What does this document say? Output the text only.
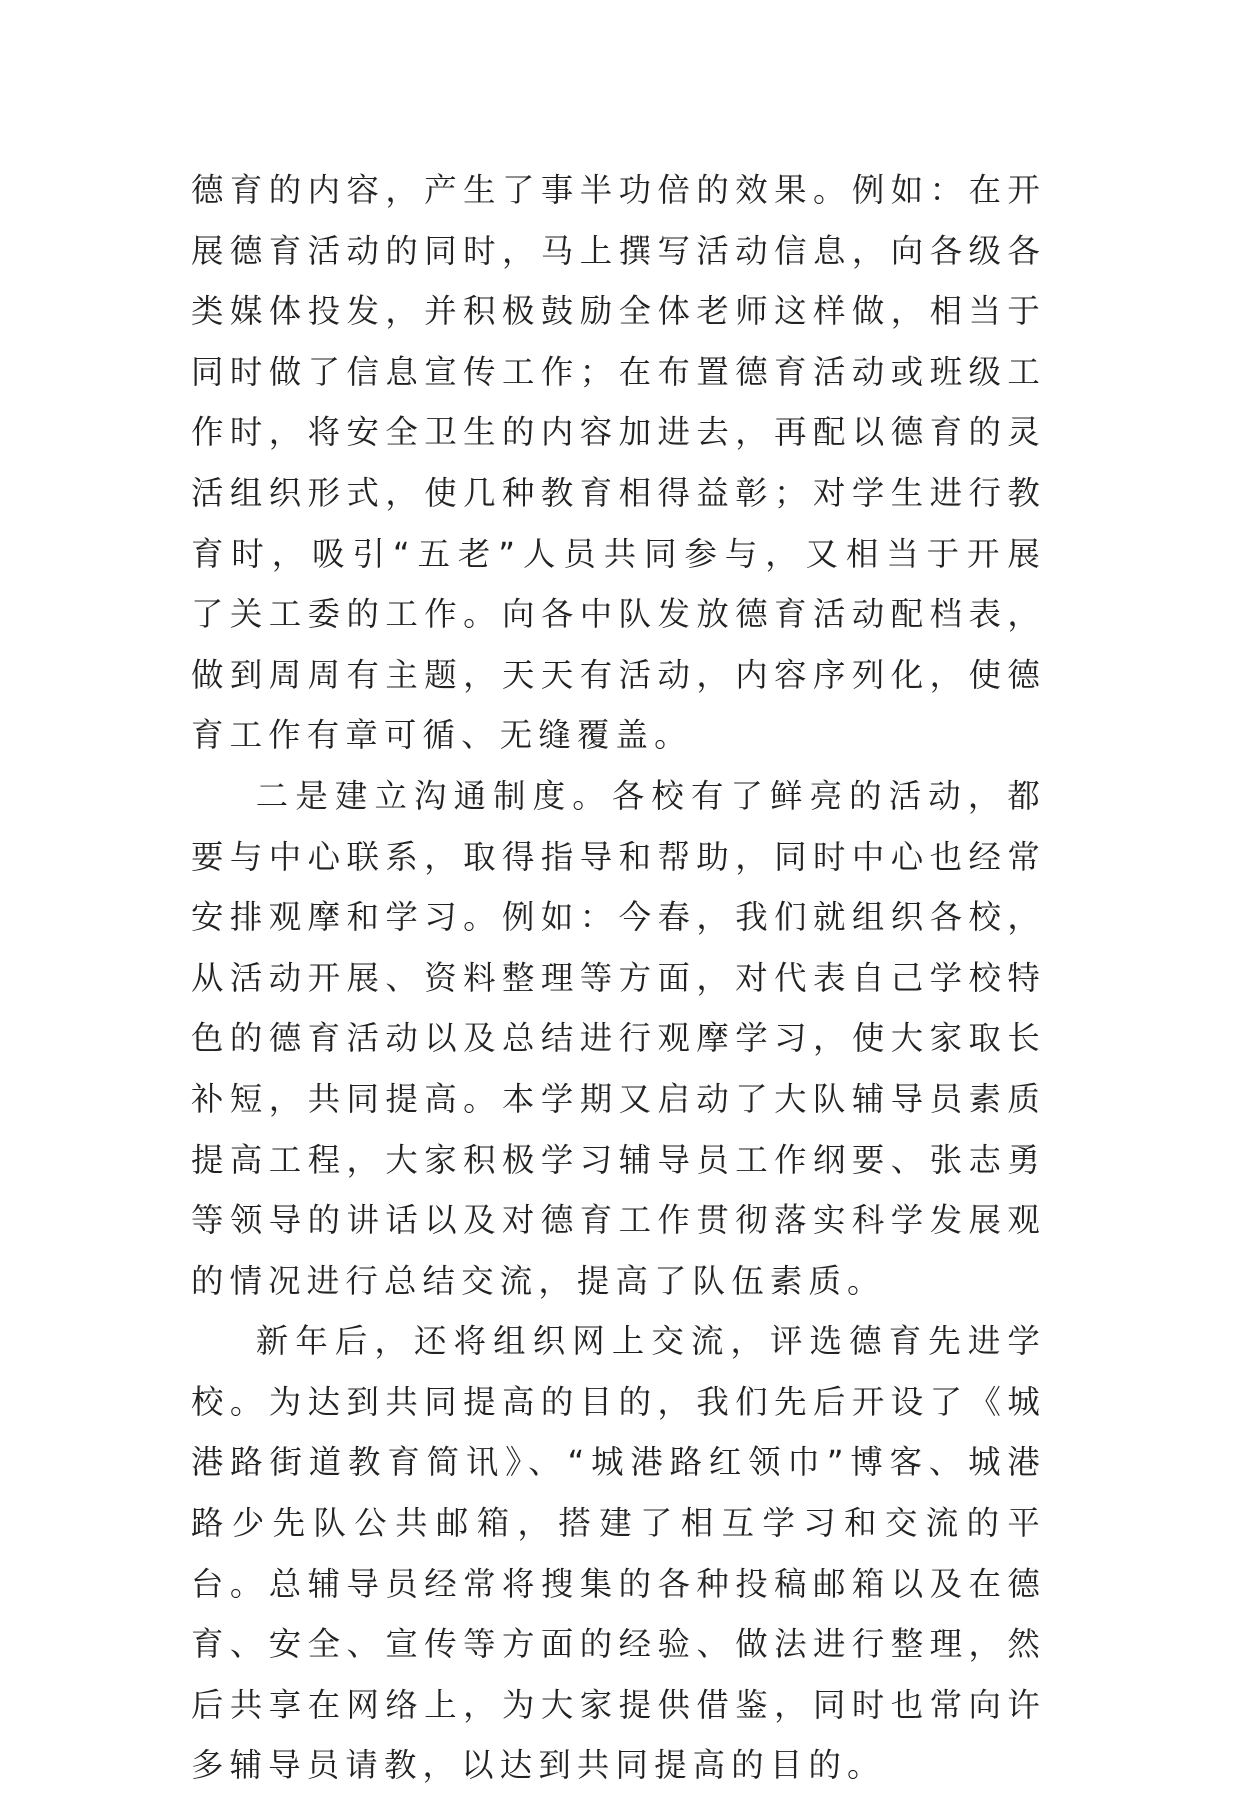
德育的内容，产生了事半功倍的效果。例如：在开展德育活动的同时，马上撰写活动信息，向各级各类媒体投发，并积极鼓励全体老师这样做，相当于同时做了信息宣传工作；在布置德育活动或班级工作时，将安全卫生的内容加进去，再配以德育的灵活组织形式，使几种教育相得益彰；对学生进行教育时，吸引“五老”人员共同参与，又相当于开展了关工委的工作。向各中队发放德育活动配档表，做到周周有主题，天天有活动，内容序列化，使德育工作有章可循、无缝覆盖。

二是建立沟通制度。各校有了鲜亮的活动，都要与中心联系，取得指导和帮助，同时中心也经常安排观摩和学习。例如：今春，我们就组织各校，从活动开展、资料整理等方面，对代表自己学校特色的德育活动以及总结进行观摩学习，使大家取长补短，共同提高。本学期又启动了大队辅导员素质提高工程，大家积极学习辅导员工作纲要、张志勇等领导的讲话以及对德育工作贯彻落实科学发展观的情况进行总结交流，提高了队伍素质。

新年后，还将组织网上交流，评选德育先进学校。为达到共同提高的目的，我们先后开设了《城港路街道教育简讯》、“城港路红领巾”博客、城港路少先队公共邮箱，搭建了相互学习和交流的平台。总辅导员经常将搜集的各种投稿邮箱以及在德育、安全、宣传等方面的经验、做法进行整理，然后共享在网络上，为大家提供借鉴，同时也常向许多辅导员请教，以达到共同提高的目的。
